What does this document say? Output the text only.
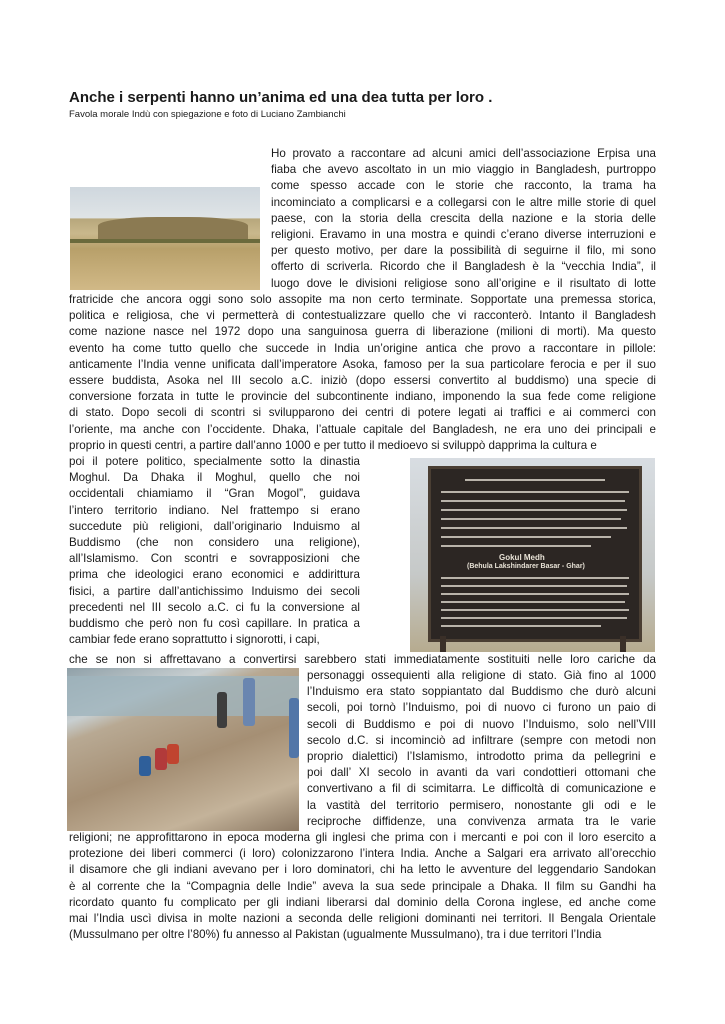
Anche i serpenti hanno un’anima ed una dea tutta per loro .
Favola morale Indù con spiegazione e foto di Luciano Zambianchi
Gokul Medh
(Behula Lakshindarer Basar - Ghar)
Ho provato a raccontare ad alcuni amici dell’associazione Erpisa una
fiaba che avevo ascoltato in un mio viaggio in Bangladesh, purtroppo
come spesso accade con le storie che racconto, la trama ha
incominciato a complicarsi e a collegarsi con le altre mille storie di quel
paese, con la storia della crescita della nazione e la storia delle
religioni. Eravamo in una mostra e quindi c’erano diverse interruzioni e
per questo motivo, per dare la possibilità di seguirne il filo, mi sono
offerto di scriverla. Ricordo che il Bangladesh è la “vecchia India”, il
luogo dove le divisioni religiose sono all’origine e il risultato di lotte
fratricide che ancora oggi sono solo assopite ma non certo terminate. Sopportate una premessa storica,
politica e religiosa, che vi permetterà di contestualizzare quello che vi racconterò. Intanto il Bangladesh
come nazione nasce nel 1972 dopo una sanguinosa guerra di liberazione (milioni di morti). Ma questo
evento ha come tutto quello che succede in India un’origine antica che provo a raccontare in pillole:
anticamente l’India venne unificata dall’imperatore Asoka, famoso per la sua particolare ferocia e per il suo
essere buddista, Asoka nel III secolo a.C. iniziò (dopo essersi convertito al buddismo) una specie di
conversione forzata in tutte le provincie del subcontinente indiano, imponendo la sua fede come religione
di stato. Dopo secoli di scontri si svilupparono dei centri di potere legati ai traffici e ai commerci con
l’oriente, ma anche con l’occidente. Dhaka, l’attuale capitale del Bangladesh, ne era uno dei principali e
proprio in questi centri, a partire dall’anno 1000 e per tutto il medioevo si sviluppò dapprima la cultura e
poi il potere politico, specialmente sotto la dinastia
Moghul. Da Dhaka il Moghul, quello che noi
occidentali chiamiamo il “Gran Mogol”, guidava
l’intero territorio indiano. Nel frattempo si erano
succedute più religioni, dall’originario Induismo al
Buddismo (che non considero una religione),
all’Islamismo. Con scontri e sovrapposizioni che
prima che ideologici erano economici e addirittura
fisici, a partire dall’antichissimo Induismo dei secoli
precedenti nel III secolo a.C. ci fu la conversione al
buddismo che però non fu così capillare. In pratica a
cambiar fede erano soprattutto i signorotti, i capi,
che se non si affrettavano a convertirsi sarebbero stati immediatamente sostituiti nelle loro cariche da
personaggi ossequienti alla religione di stato. Già fino al 1000
l’Induismo era stato soppiantato dal Buddismo che durò alcuni
secoli, poi tornò l’Induismo, poi di nuovo ci furono un paio di
secoli di Buddismo e poi di nuovo l’Induismo, solo nell’VIII
secolo d.C. si incominciò ad infiltrare (sempre con metodi non
proprio dialettici) l’Islamismo, introdotto prima da pellegrini e
poi dall’ XI secolo in avanti da vari condottieri ottomani che
convertivano a fil di scimitarra. Le difficoltà di comunicazione e
la vastità del territorio permisero, nonostante gli odi e le
reciproche diffidenze, una convivenza armata tra le varie
religioni; ne approfittarono in epoca moderna gli inglesi che prima con i mercanti e poi con il loro esercito a
protezione dei liberi commerci (i loro) colonizzarono l’intera India. Anche a Salgari era arrivato all’orecchio
il disamore che gli indiani avevano per i loro dominatori, chi ha letto le avventure del leggendario Sandokan
è al corrente che la “Compagnia delle Indie” aveva la sua sede principale a Dhaka. Il film su Gandhi ha
ricordato quanto fu complicato per gli indiani liberarsi dal dominio della Corona inglese, ed anche come
mai l’India uscì divisa in molte nazioni a seconda delle religioni dominanti nei territori. Il Bengala Orientale
(Mussulmano per oltre l’80%) fu annesso al Pakistan (ugualmente Mussulmano), tra i due territori l’India
